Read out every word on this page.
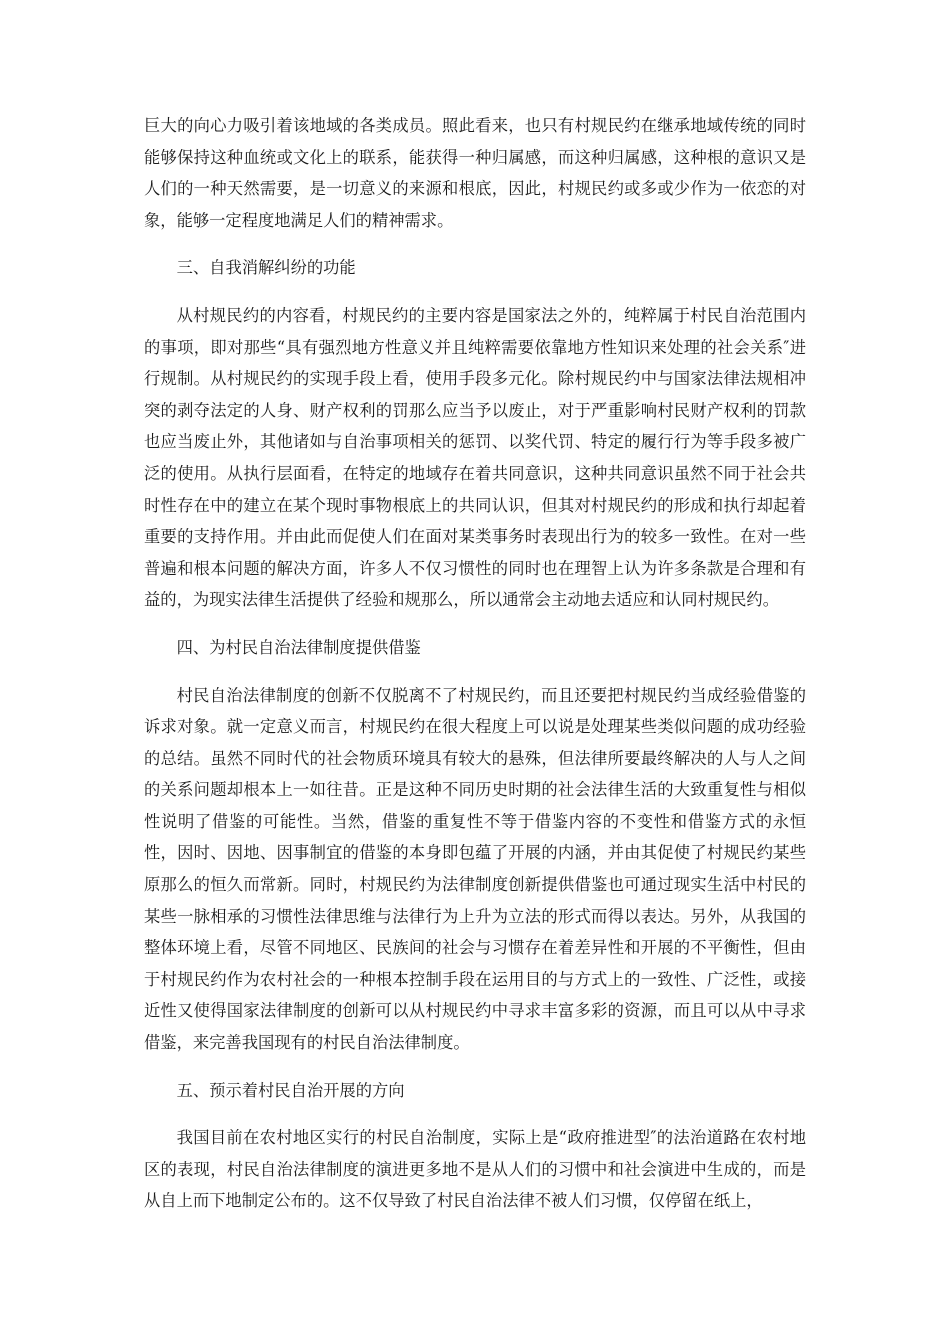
巨大的向心力吸引着该地域的各类成员。照此看来，也只有村规民约在继承地域传统的同时能够保持这种血统或文化上的联系，能获得一种归属感，而这种归属感，这种根的意识又是人们的一种天然需要，是一切意义的来源和根底，因此，村规民约或多或少作为一依恋的对象，能够一定程度地满足人们的精神需求。

三、自我消解纠纷的功能

从村规民约的内容看，村规民约的主要内容是国家法之外的，纯粹属于村民自治范围内的事项，即对那些“具有强烈地方性意义并且纯粹需要依靠地方性知识来处理的社会关系″进行规制。从村规民约的实现手段上看，使用手段多元化。除村规民约中与国家法律法规相冲突的剥夺法定的人身、财产权利的罚那么应当予以废止，对于严重影响村民财产权利的罚款也应当废止外，其他诸如与自治事项相关的惩罚、以奖代罚、特定的履行行为等手段多被广泛的使用。从执行层面看，在特定的地域存在着共同意识，这种共同意识虽然不同于社会共时性存在中的建立在某个现时事物根底上的共同认识，但其对村规民约的形成和执行却起着重要的支持作用。并由此而促使人们在面对某类事务时表现出行为的较多一致性。在对一些普遍和根本问题的解决方面，许多人不仅习惯性的同时也在理智上认为许多条款是合理和有益的，为现实法律生活提供了经验和规那么，所以通常会主动地去适应和认同村规民约。

四、为村民自治法律制度提供借鉴

村民自治法律制度的创新不仅脱离不了村规民约，而且还要把村规民约当成经验借鉴的诉求对象。就一定意义而言，村规民约在很大程度上可以说是处理某些类似问题的成功经验的总结。虽然不同时代的社会物质环境具有较大的悬殊，但法律所要最终解决的人与人之间的关系问题却根本上一如往昔。正是这种不同历史时期的社会法律生活的大致重复性与相似性说明了借鉴的可能性。当然，借鉴的重复性不等于借鉴内容的不变性和借鉴方式的永恒性，因时、因地、因事制宜的借鉴的本身即包蕴了开展的内涵，并由其促使了村规民约某些原那么的恒久而常新。同时，村规民约为法律制度创新提供借鉴也可通过现实生活中村民的某些一脉相承的习惯性法律思维与法律行为上升为立法的形式而得以表达。另外，从我国的整体环境上看，尽管不同地区、民族间的社会与习惯存在着差异性和开展的不平衡性，但由于村规民约作为农村社会的一种根本控制手段在运用目的与方式上的一致性、广泛性，或接近性又使得国家法律制度的创新可以从村规民约中寻求丰富多彩的资源，而且可以从中寻求借鉴，来完善我国现有的村民自治法律制度。

五、预示着村民自治开展的方向

我国目前在农村地区实行的村民自治制度，实际上是“政府推进型″的法治道路在农村地区的表现，村民自治法律制度的演进更多地不是从人们的习惯中和社会演进中生成的，而是从自上而下地制定公布的。这不仅导致了村民自治法律不被人们习惯，仅停留在纸上，
